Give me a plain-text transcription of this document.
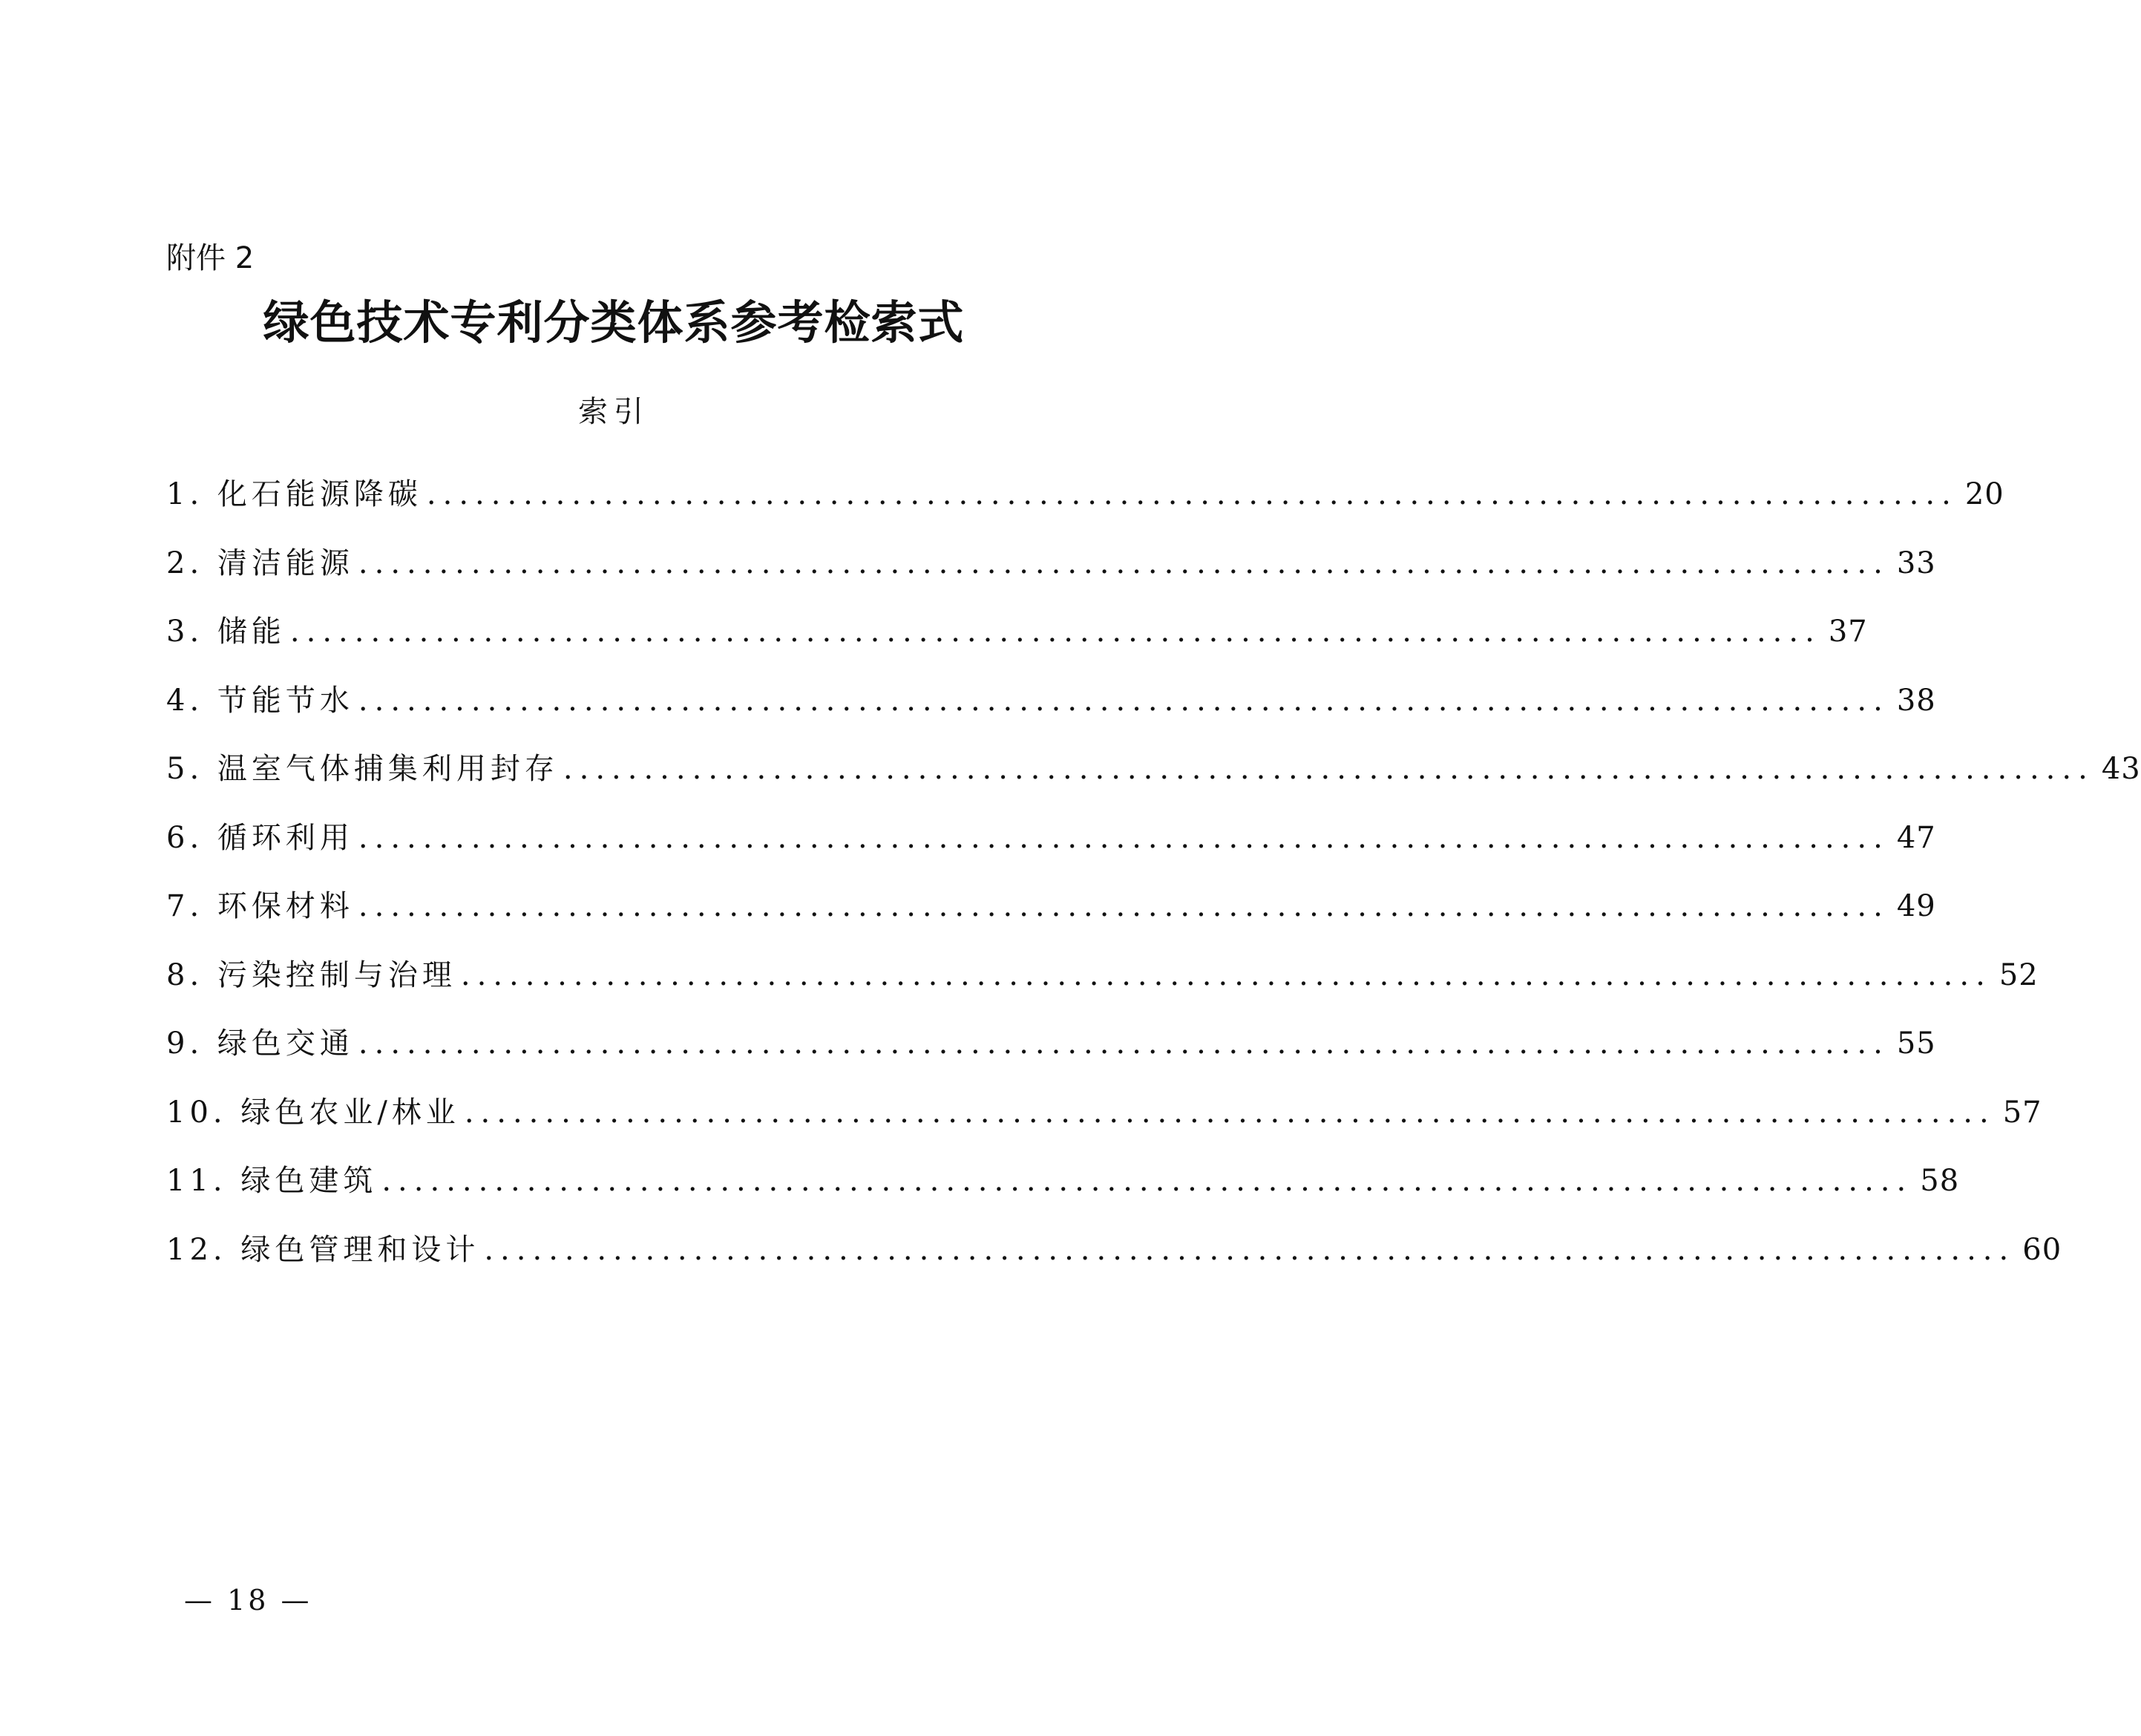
附件 2
绿色技术专利分类体系参考检索式
索引
1. 化石能源降碳 ............................................................................................... 20
2. 清洁能源 ............................................................................................... 33
3. 储能 ............................................................................................... 37
4. 节能节水 ............................................................................................... 38
5. 温室气体捕集利用封存 ............................................................................................... 43
6. 循环利用 ............................................................................................... 47
7. 环保材料 ............................................................................................... 49
8. 污染控制与治理 ............................................................................................... 52
9. 绿色交通 ............................................................................................... 55
10. 绿色农业/林业 ............................................................................................... 57
11. 绿色建筑 ............................................................................................... 58
12. 绿色管理和设计 ............................................................................................... 60
— 18 —
